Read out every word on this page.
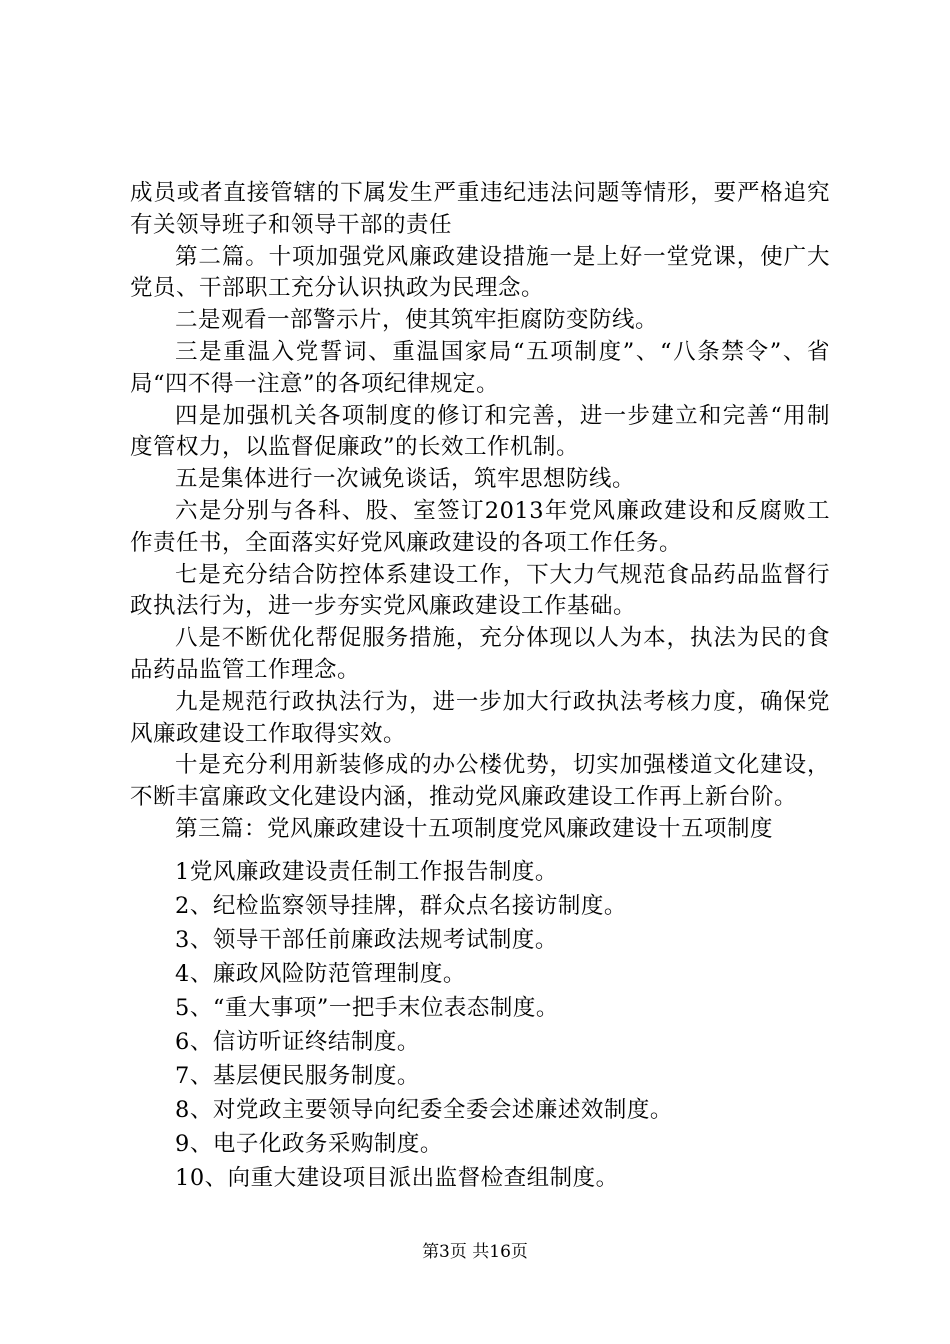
成员或者直接管辖的下属发生严重违纪违法问题等情形，要严格追究有关领导班子和领导干部的责任

第二篇。十项加强党风廉政建设措施一是上好一堂党课，使广大党员、干部职工充分认识执政为民理念。

二是观看一部警示片，使其筑牢拒腐防变防线。

三是重温入党誓词、重温国家局“五项制度”、“八条禁令”、省局“四不得一注意”的各项纪律规定。

四是加强机关各项制度的修订和完善，进一步建立和完善“用制度管权力，以监督促廉政”的长效工作机制。

五是集体进行一次诫免谈话，筑牢思想防线。

六是分别与各科、股、室签订2013年党风廉政建设和反腐败工作责任书，全面落实好党风廉政建设的各项工作任务。

七是充分结合防控体系建设工作，下大力气规范食品药品监督行政执法行为，进一步夯实党风廉政建设工作基础。

八是不断优化帮促服务措施，充分体现以人为本，执法为民的食品药品监管工作理念。

九是规范行政执法行为，进一步加大行政执法考核力度，确保党风廉政建设工作取得实效。

十是充分利用新装修成的办公楼优势，切实加强楼道文化建设，不断丰富廉政文化建设内涵，推动党风廉政建设工作再上新台阶。

第三篇：党风廉政建设十五项制度党风廉政建设十五项制度

1党风廉政建设责任制工作报告制度。

2、纪检监察领导挂牌，群众点名接访制度。

3、领导干部任前廉政法规考试制度。

4、廉政风险防范管理制度。

5、“重大事项”一把手末位表态制度。

6、信访听证终结制度。

7、基层便民服务制度。

8、对党政主要领导向纪委全委会述廉述效制度。

9、电子化政务采购制度。

10、向重大建设项目派出监督检查组制度。

第3页 共16页
